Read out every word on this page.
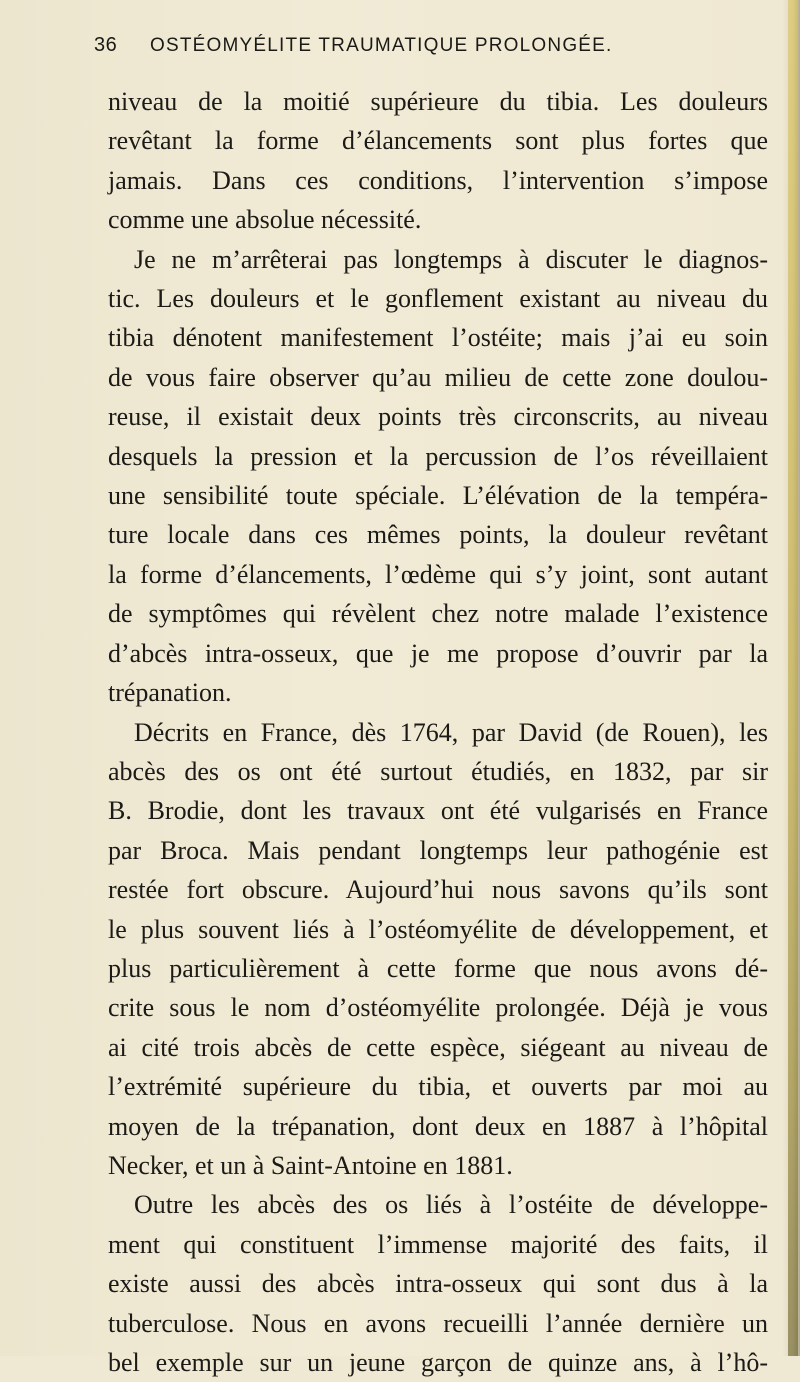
36 OSTÉOMYÉLITE TRAUMATIQUE PROLONGÉE.
niveau de la moitié supérieure du tibia. Les douleurs
revêtant la forme d’élancements sont plus fortes que
jamais. Dans ces conditions, l’intervention s’impose
comme une absolue nécessité.
Je ne m’arrêterai pas longtemps à discuter le diagnos-
tic. Les douleurs et le gonflement existant au niveau du
tibia dénotent manifestement l’ostéite; mais j’ai eu soin
de vous faire observer qu’au milieu de cette zone doulou-
reuse, il existait deux points très circonscrits, au niveau
desquels la pression et la percussion de l’os réveillaient
une sensibilité toute spéciale. L’élévation de la tempéra-
ture locale dans ces mêmes points, la douleur revêtant
la forme d’élancements, l’œdème qui s’y joint, sont autant
de symptômes qui révèlent chez notre malade l’existence
d’abcès intra-osseux, que je me propose d’ouvrir par la
trépanation.
Décrits en France, dès 1764, par David (de Rouen), les
abcès des os ont été surtout étudiés, en 1832, par sir
B. Brodie, dont les travaux ont été vulgarisés en France
par Broca. Mais pendant longtemps leur pathogénie est
restée fort obscure. Aujourd’hui nous savons qu’ils sont
le plus souvent liés à l’ostéomyélite de développement, et
plus particulièrement à cette forme que nous avons dé-
crite sous le nom d’ostéomyélite prolongée. Déjà je vous
ai cité trois abcès de cette espèce, siégeant au niveau de
l’extrémité supérieure du tibia, et ouverts par moi au
moyen de la trépanation, dont deux en 1887 à l’hôpital
Necker, et un à Saint-Antoine en 1881.
Outre les abcès des os liés à l’ostéite de développe-
ment qui constituent l’immense majorité des faits, il
existe aussi des abcès intra-osseux qui sont dus à la
tuberculose. Nous en avons recueilli l’année dernière un
bel exemple sur un jeune garçon de quinze ans, à l’hô-
